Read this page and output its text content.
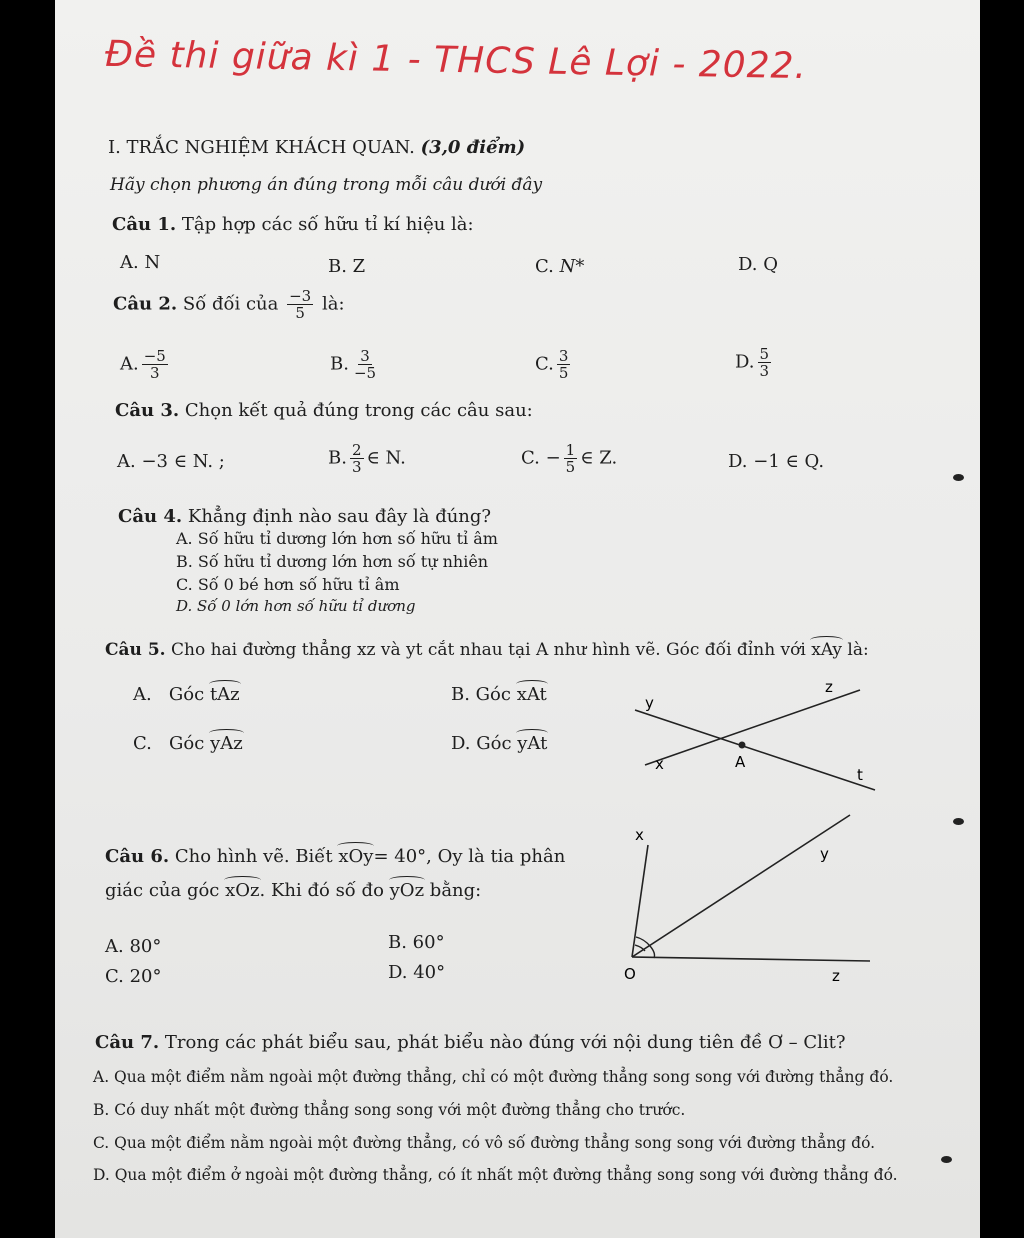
Đề thi giữa kì 1 - THCS Lê Lợi - 2022.
I. TRẮC NGHIỆM KHÁCH QUAN. (3,0 điểm)
Hãy chọn phương án đúng trong mỗi câu dưới đây
Câu 1. Tập hợp các số hữu tỉ kí hiệu là:
A. N	B. Z	C. N*	D. Q
Câu 2. Số đối của $\frac{-3}{5}$ là:
A. $\frac{-5}{3}$	B. $\frac{3}{-5}$	C. $\frac{3}{5}$	D. $\frac{5}{3}$
Câu 3. Chọn kết quả đúng trong các câu sau:
A. −3 ∈ N. ;	B. $\frac{2}{3}$ ∈ N.	C. − $\frac{1}{5}$ ∈ Z.	D. −1 ∈ Q.
Câu 4. Khẳng định nào sau đây là đúng?
A. Số hữu tỉ dương lớn hơn số hữu tỉ âm
B. Số hữu tỉ dương lớn hơn số tự nhiên
C. Số 0 bé hơn số hữu tỉ âm
D. Số 0 lớn hơn số hữu tỉ dương
Câu 5. Cho hai đường thẳng xz và yt cắt nhau tại A như hình vẽ. Góc đối đỉnh với xAy là:
A. Góc tAz	B. Góc xAt
C. Góc yAz	D. Góc yAt
y
z
x	A
t
Câu 6. Cho hình vẽ. Biết xOy= 40°, Oy là tia phân
giác của góc xOz. Khi đó số đo yOz bằng:
A. 80°	B. 60°
C. 20°	D. 40°
x
y
O	z
Câu 7. Trong các phát biểu sau, phát biểu nào đúng với nội dung tiên đề Ơ – Clit?
A. Qua một điểm nằm ngoài một đường thẳng, chỉ có một đường thẳng song song với đường thẳng đó.
B. Có duy nhất một đường thẳng song song với một đường thẳng cho trước.
C. Qua một điểm nằm ngoài một đường thẳng, có vô số đường thẳng song song với đường thẳng đó.
D. Qua một điểm ở ngoài một đường thẳng, có ít nhất một đường thẳng song song với đường thẳng đó.
